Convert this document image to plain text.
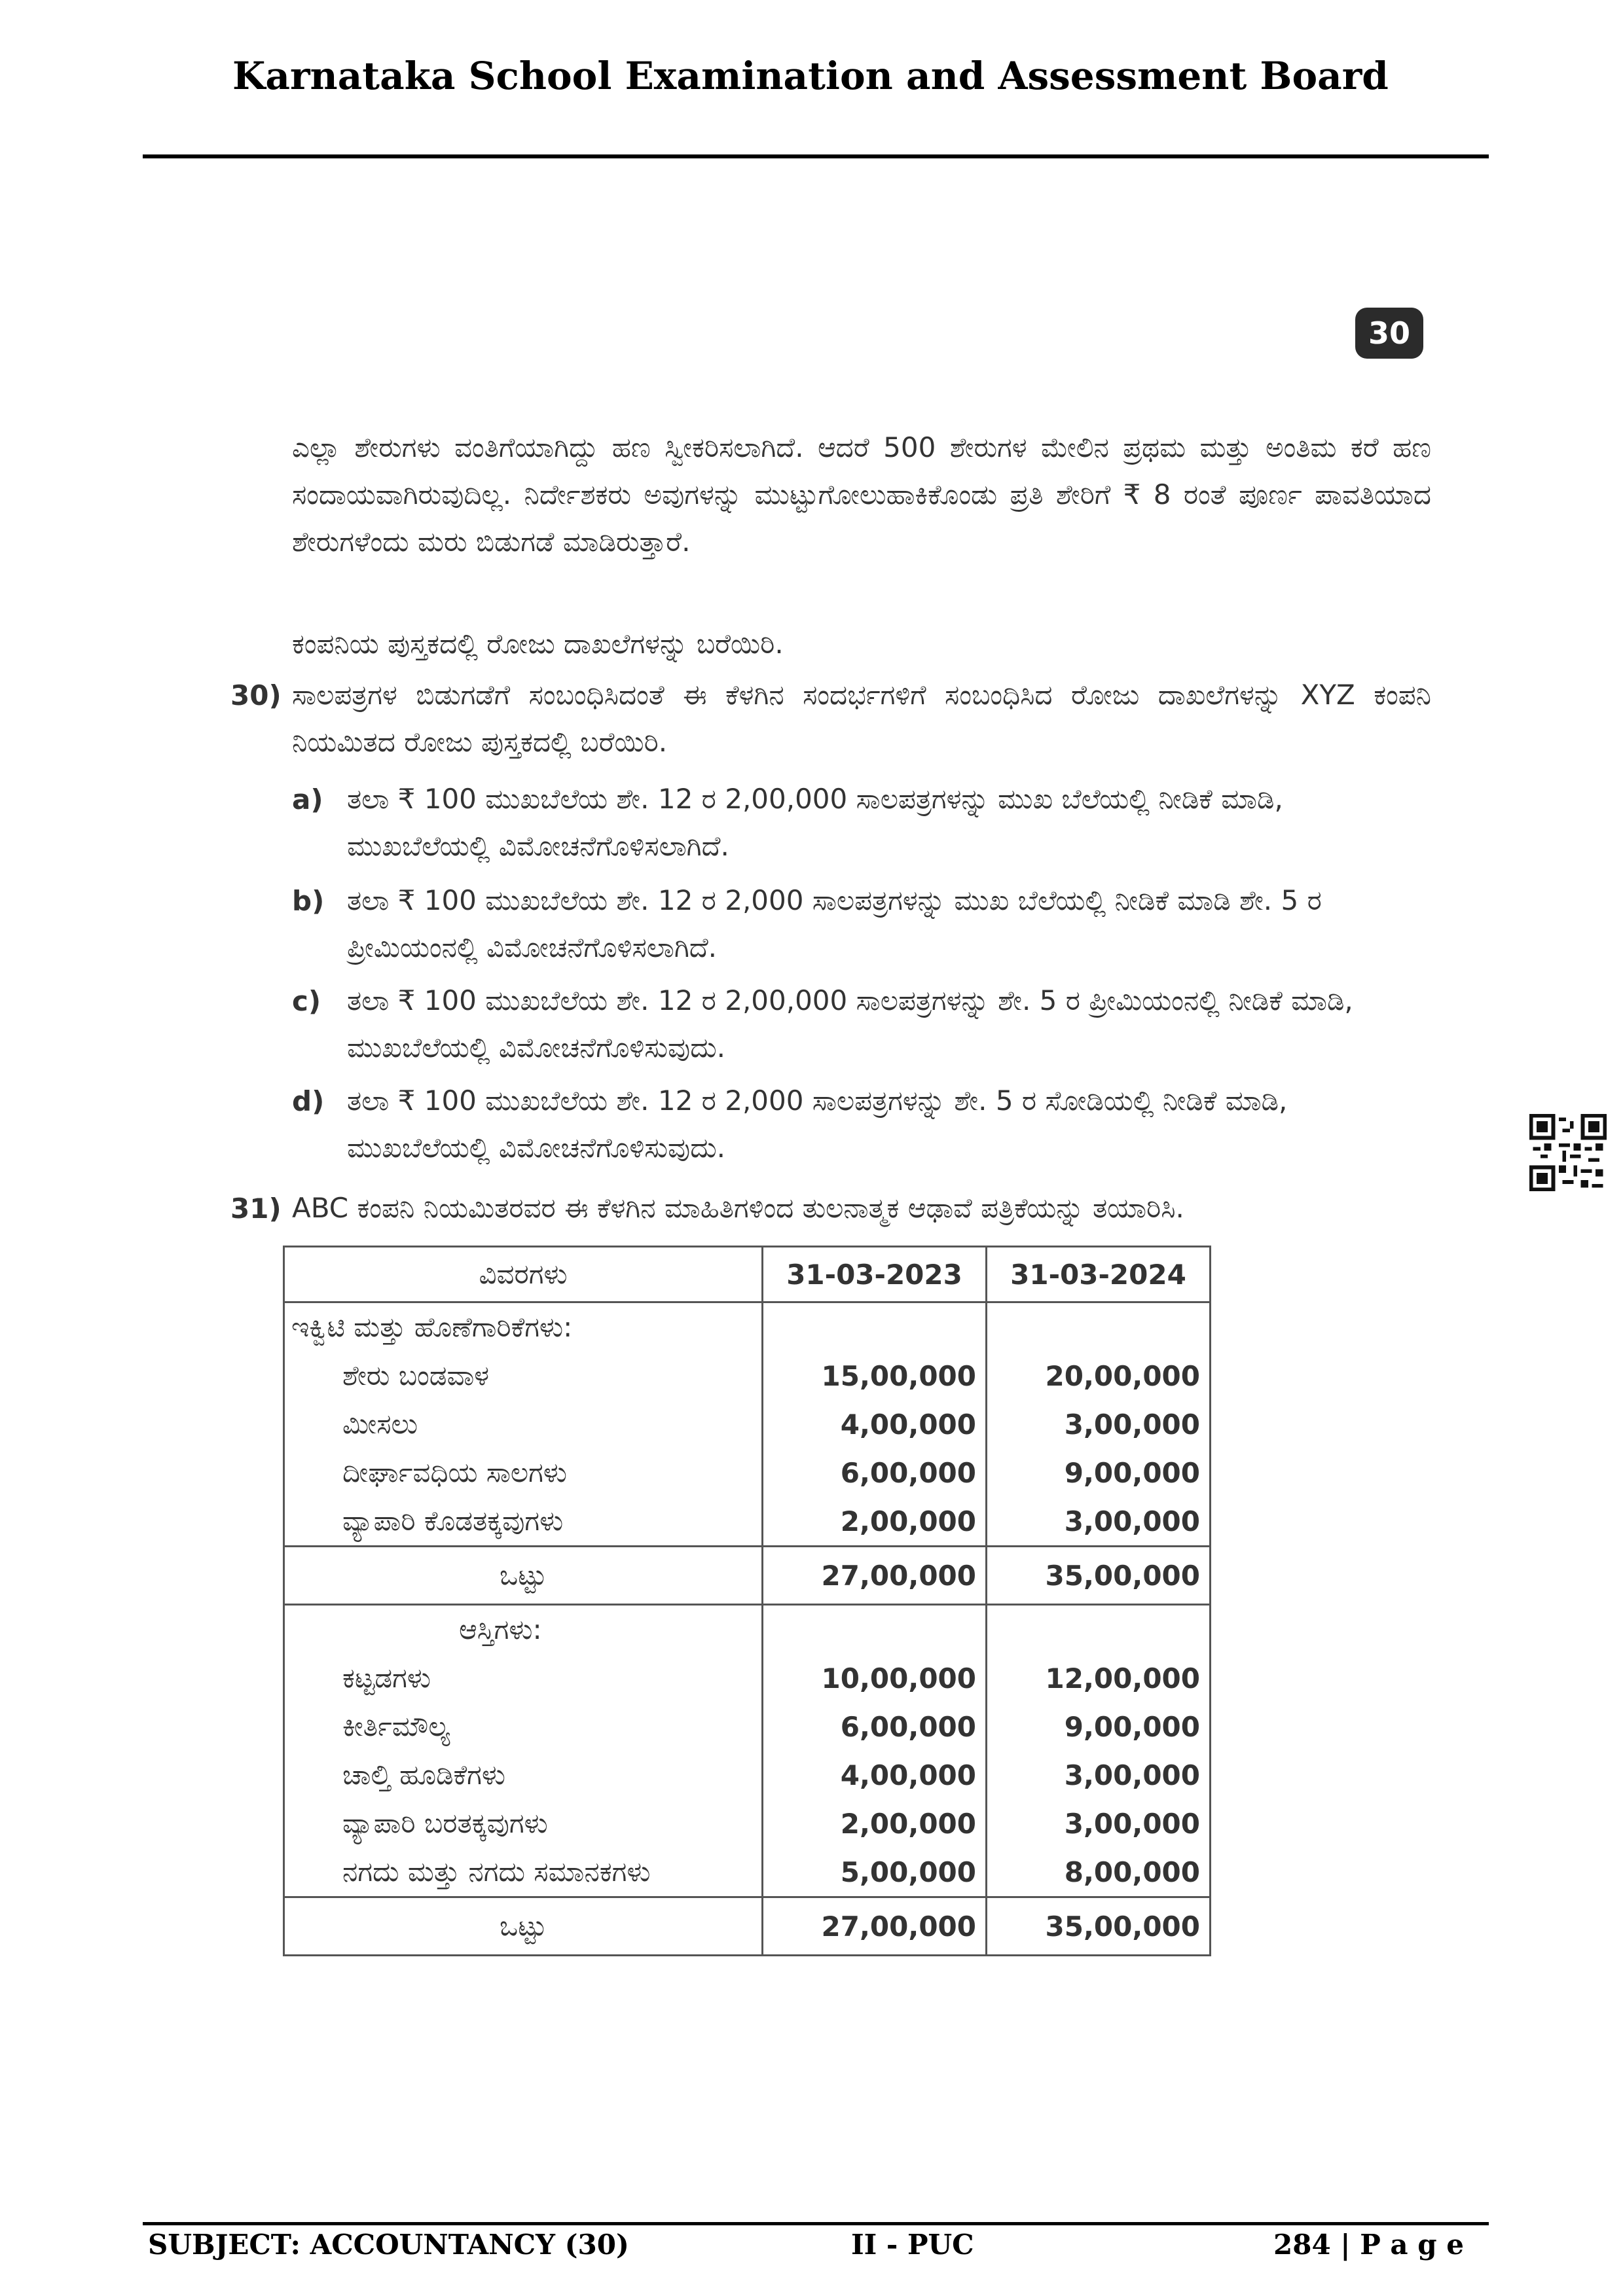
Karnataka School Examination and Assessment Board
30
ಎಲ್ಲಾ ಶೇರುಗಳು ವಂತಿಗೆಯಾಗಿದ್ದು ಹಣ ಸ್ವೀಕರಿಸಲಾಗಿದೆ. ಆದರೆ 500 ಶೇರುಗಳ ಮೇಲಿನ ಪ್ರಥಮ ಮತ್ತು ಅಂತಿಮ ಕರೆ ಹಣ ಸಂದಾಯವಾಗಿರುವುದಿಲ್ಲ. ನಿರ್ದೇಶಕರು ಅವುಗಳನ್ನು ಮುಟ್ಟುಗೋಲುಹಾಕಿಕೊಂಡು ಪ್ರತಿ ಶೇರಿಗೆ ₹ 8 ರಂತೆ ಪೂರ್ಣ ಪಾವತಿಯಾದ ಶೇರುಗಳೆಂದು ಮರು ಬಿಡುಗಡೆ ಮಾಡಿರುತ್ತಾರೆ.
ಕಂಪನಿಯ ಪುಸ್ತಕದಲ್ಲಿ ರೋಜು ದಾಖಲೆಗಳನ್ನು ಬರೆಯಿರಿ.
30) ಸಾಲಪತ್ರಗಳ ಬಿಡುಗಡೆಗೆ ಸಂಬಂಧಿಸಿದಂತೆ ಈ ಕೆಳಗಿನ ಸಂದರ್ಭಗಳಿಗೆ ಸಂಬಂಧಿಸಿದ ರೋಜು ದಾಖಲೆಗಳನ್ನು XYZ ಕಂಪನಿ ನಿಯಮಿತದ ರೋಜು ಪುಸ್ತಕದಲ್ಲಿ ಬರೆಯಿರಿ.
a) ತಲಾ ₹ 100 ಮುಖಬೆಲೆಯ ಶೇ. 12 ರ 2,00,000 ಸಾಲಪತ್ರಗಳನ್ನು ಮುಖ ಬೆಲೆಯಲ್ಲಿ ನೀಡಿಕೆ ಮಾಡಿ, ಮುಖಬೆಲೆಯಲ್ಲಿ ವಿಮೋಚನೆಗೊಳಿಸಲಾಗಿದೆ.
b) ತಲಾ ₹ 100 ಮುಖಬೆಲೆಯ ಶೇ. 12 ರ 2,000 ಸಾಲಪತ್ರಗಳನ್ನು ಮುಖ ಬೆಲೆಯಲ್ಲಿ ನೀಡಿಕೆ ಮಾಡಿ ಶೇ. 5 ರ ಪ್ರೀಮಿಯಂನಲ್ಲಿ ವಿಮೋಚನೆಗೊಳಿಸಲಾಗಿದೆ.
c) ತಲಾ ₹ 100 ಮುಖಬೆಲೆಯ ಶೇ. 12 ರ 2,00,000 ಸಾಲಪತ್ರಗಳನ್ನು ಶೇ. 5 ರ ಪ್ರೀಮಿಯಂನಲ್ಲಿ ನೀಡಿಕೆ ಮಾಡಿ, ಮುಖಬೆಲೆಯಲ್ಲಿ ವಿಮೋಚನೆಗೊಳಿಸುವುದು.
d) ತಲಾ ₹ 100 ಮುಖಬೆಲೆಯ ಶೇ. 12 ರ 2,000 ಸಾಲಪತ್ರಗಳನ್ನು ಶೇ. 5 ರ ಸೋಡಿಯಲ್ಲಿ ನೀಡಿಕೆ ಮಾಡಿ, ಮುಖಬೆಲೆಯಲ್ಲಿ ವಿಮೋಚನೆಗೊಳಿಸುವುದು.
31) ABC ಕಂಪನಿ ನಿಯಮಿತರವರ ಈ ಕೆಳಗಿನ ಮಾಹಿತಿಗಳಿಂದ ತುಲನಾತ್ಮಕ ಆಢಾವೆ ಪತ್ರಿಕೆಯನ್ನು ತಯಾರಿಸಿ.
ವಿವರಗಳು	31-03-2023	31-03-2024
ಇಕ್ವಿಟಿ ಮತ್ತು ಹೊಣೆಗಾರಿಕೆಗಳು:		
ಶೇರು ಬಂಡವಾಳ	15,00,000	20,00,000
ಮೀಸಲು	4,00,000	3,00,000
ದೀರ್ಘಾವಧಿಯ ಸಾಲಗಳು	6,00,000	9,00,000
ವ್ಯಾಪಾರಿ ಕೊಡತಕ್ಕವುಗಳು	2,00,000	3,00,000
ಒಟ್ಟು	27,00,000	35,00,000
ಆಸ್ತಿಗಳು:		
ಕಟ್ಟಡಗಳು	10,00,000	12,00,000
ಕೀರ್ತಿಮೌಲ್ಯ	6,00,000	9,00,000
ಚಾಲ್ತಿ ಹೂಡಿಕೆಗಳು	4,00,000	3,00,000
ವ್ಯಾಪಾರಿ ಬರತಕ್ಕವುಗಳು	2,00,000	3,00,000
ನಗದು ಮತ್ತು ನಗದು ಸಮಾನಕಗಳು	5,00,000	8,00,000
ಒಟ್ಟು	27,00,000	35,00,000
SUBJECT: ACCOUNTANCY (30)	II - PUC	284 | P a g e
